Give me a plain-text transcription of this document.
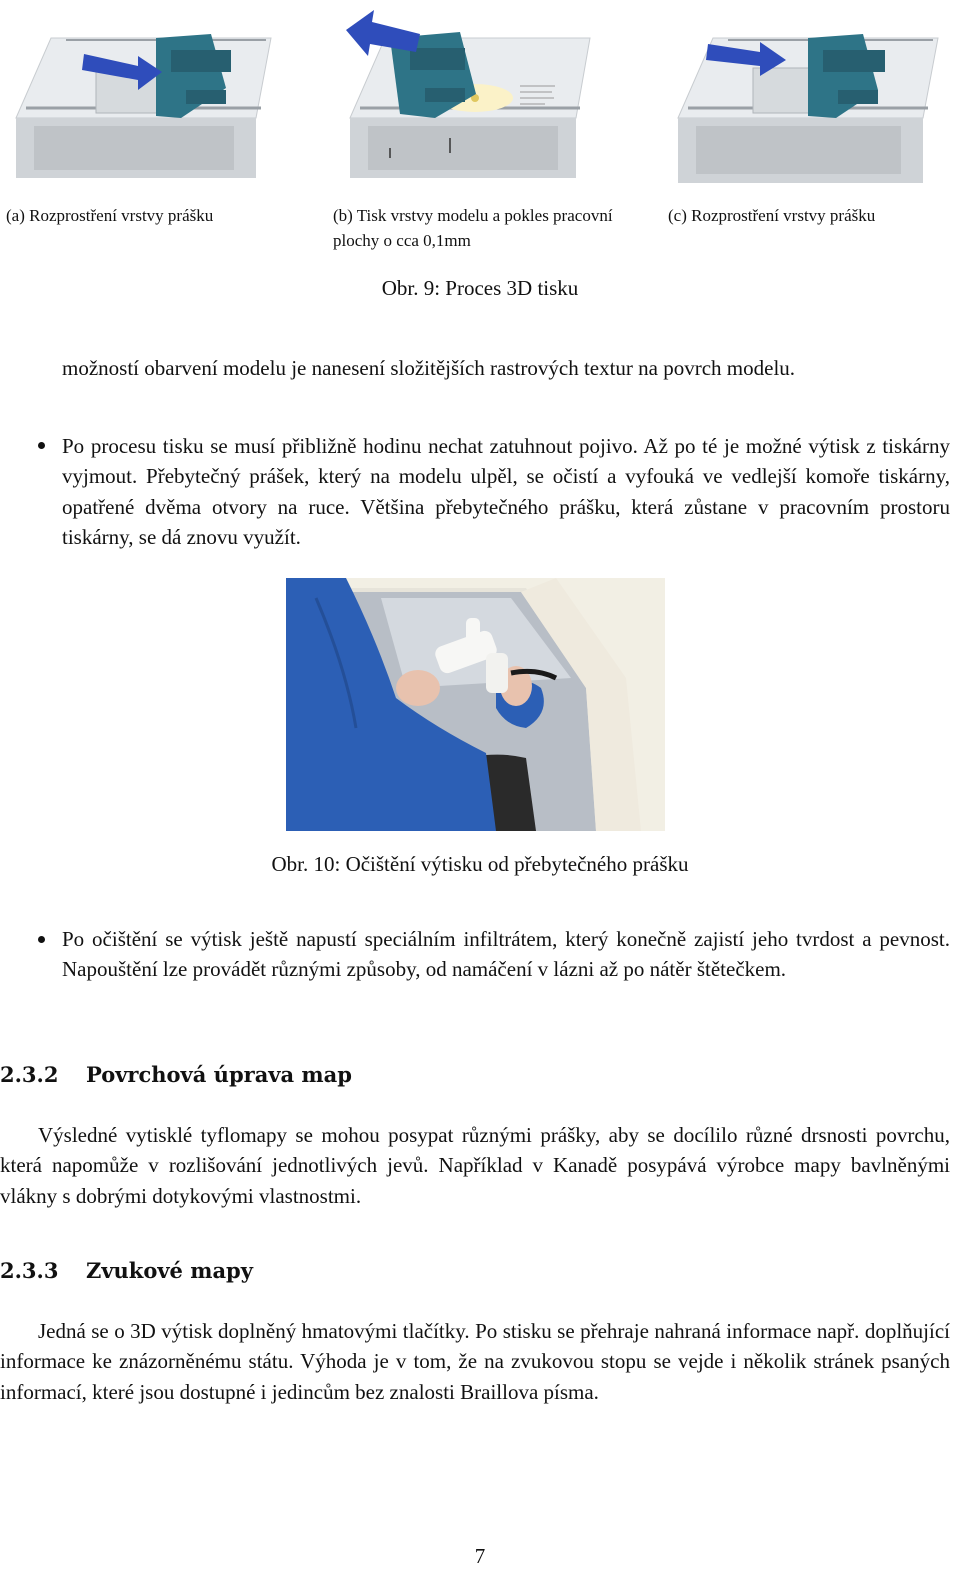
(a) Rozprostření vrstvy prášku	(b) Tisk vrstvy modelu a pokles pracovní plochy o cca 0,1mm
(c) Rozprostření vrstvy prášku
Obr. 9: Proces 3D tisku
možností obarvení modelu je nanesení složitějších rastrových textur na povrch modelu.
Po procesu tisku se musí přibližně hodinu nechat zatuhnout pojivo. Až po té je možné výtisk z tiskárny vyjmout. Přebytečný prášek, který na modelu ulpěl, se očistí a vyfouká ve vedlejší komoře tiskárny, opatřené dvěma otvory na ruce. Většina přebytečného prášku, která zůstane v pracovním prostoru tiskárny, se dá znovu využít.
Obr. 10: Očištění výtisku od přebytečného prášku
Po očištění se výtisk ještě napustí speciálním infiltrátem, který konečně zajistí jeho tvrdost a pevnost. Napouštění lze provádět různými způsoby, od namáčení v lázni až po nátěr štětečkem.
2.3.2 Povrchová úprava map
Výsledné vytisklé tyflomapy se mohou posypat různými prášky, aby se docílilo různé drsnosti povrchu, která napomůže v rozlišování jednotlivých jevů. Například v Kanadě posypává výrobce mapy bavlněnými vlákny s dobrými dotykovými vlastnostmi.
2.3.3 Zvukové mapy
Jedná se o 3D výtisk doplněný hmatovými tlačítky. Po stisku se přehraje nahraná informace např. doplňující informace ke znázorněnému státu. Výhoda je v tom, že na zvukovou stopu se vejde i několik stránek psaných informací, které jsou dostupné i jedincům bez znalosti Braillova písma.
7
